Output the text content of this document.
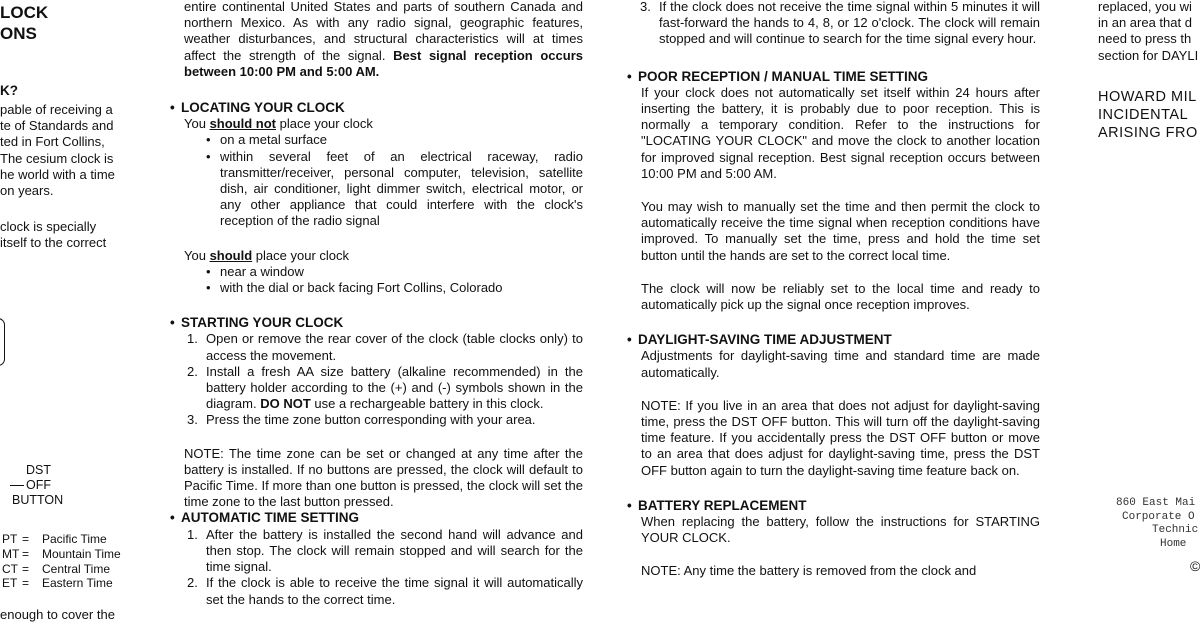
LOCK
ONS
K?
pable of receiving a
te of Standards and
ted in Fort Collins,
The cesium clock is
he world with a time
on years.
clock is specially
itself to the correct
DST
OFF
BUTTON
PT = Pacific Time
MT = Mountain Time
CT = Central Time
ET = Eastern Time
enough to cover the

entire continental United States and parts of southern Canada and northern Mexico. As with any radio signal, geographic features, weather disturbances, and structural characteristics will at times affect the strength of the signal. Best signal reception occurs between 10:00 PM and 5:00 AM.

• LOCATING YOUR CLOCK

You should not place your clock

• on a metal surface
• within several feet of an electrical raceway, radio transmitter/receiver, personal computer, television, satellite dish, air conditioner, light dimmer switch, electrical motor, or any other appliance that could interfere with the clock's reception of the radio signal

You should place your clock

• near a window
• with the dial or back facing Fort Collins, Colorado
• STARTING YOUR CLOCK
1. Open or remove the rear cover of the clock (table clocks only) to access the movement.
2. Install a fresh AA size battery (alkaline recommended) in the battery holder according to the (+) and (-) symbols shown in the diagram. DO NOT use a rechargeable battery in this clock.
3. Press the time zone button corresponding with your area.

NOTE: The time zone can be set or changed at any time after the battery is installed. If no buttons are pressed, the clock will default to Pacific Time. If more than one button is pressed, the clock will set the time zone to the last button pressed.

• AUTOMATIC TIME SETTING
1. After the battery is installed the second hand will advance and then stop. The clock will remain stopped and will search for the time signal.
2. If the clock is able to receive the time signal it will automatically set the hands to the correct time.
3. If the clock does not receive the time signal within 5 minutes it will fast-forward the hands to 4, 8, or 12 o'clock. The clock will remain stopped and will continue to search for the time signal every hour.
• POOR RECEPTION / MANUAL TIME SETTING

If your clock does not automatically set itself within 24 hours after inserting the battery, it is probably due to poor reception. This is normally a temporary condition. Refer to the instructions for "LOCATING YOUR CLOCK" and move the clock to another location for improved signal reception. Best signal reception occurs between 10:00 PM and 5:00 AM.

You may wish to manually set the time and then permit the clock to automatically receive the time signal when reception conditions have improved. To manually set the time, press and hold the time set button until the hands are set to the correct local time.

The clock will now be reliably set to the local time and ready to automatically pick up the signal once reception improves.

• DAYLIGHT-SAVING TIME ADJUSTMENT

Adjustments for daylight-saving time and standard time are made automatically.

NOTE: If you live in an area that does not adjust for daylight-saving time, press the DST OFF button. This will turn off the daylight-saving time feature. If you accidentally press the DST OFF button or move to an area that does adjust for daylight-saving time, press the DST OFF button again to turn the daylight-saving time feature back on.

• BATTERY REPLACEMENT

When replacing the battery, follow the instructions for STARTING YOUR CLOCK.

NOTE: Any time the battery is removed from the clock and

replaced, you wi
in an area that d
need to press th
section for DAYLI
HOWARD MIL
INCIDENTAL
ARISING FRO
860 East Mai
Corporate O
Technic
Home
©
